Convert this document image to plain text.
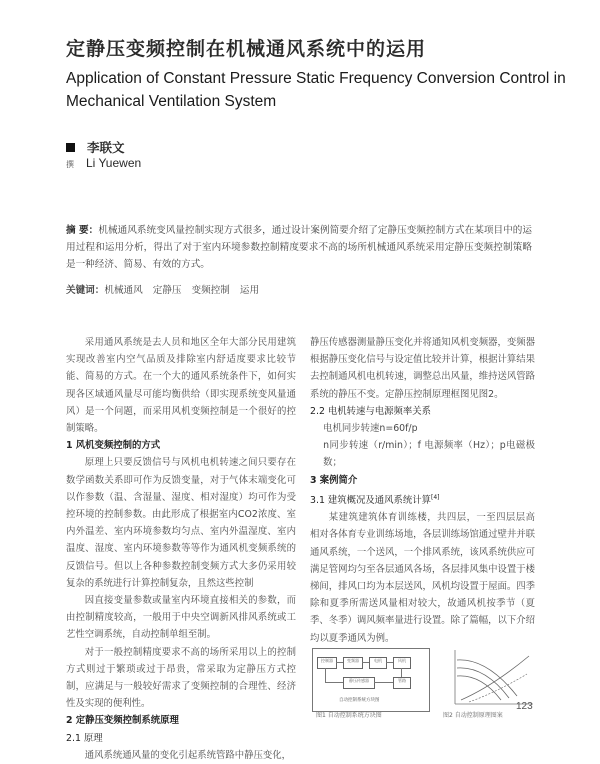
定静压变频控制在机械通风系统中的运用
Application of Constant Pressure Static Frequency Conversion Control in Mechanical Ventilation System
李联文
撰 Li Yuewen
摘 要：机械通风系统变风量控制实现方式很多，通过设计案例简要介绍了定静压变频控制方式在某项目中的运用过程和运用分析，得出了对于室内环境参数控制精度要求不高的场所机械通风系统采用定静压变频控制策略是一种经济、简易、有效的方式。
关键词：机械通风 定静压 变频控制 运用

采用通风系统是去人员和地区全年大部分民用建筑实现改善室内空气品质及排除室内舒适度要求比较节能、简易的方式。在一个大的通风系统条件下，如何实现各区域通风量尽可能均衡供给（即实现系统变风量通风）是一个问题，而采用风机变频控制是一个很好的控制策略。

1 风机变频控制的方式

原理上只要反馈信号与风机电机转速之间只要存在数学函数关系即可作为反馈变量，对于气体末端变化可以作参数（温、含湿量、湿度、相对湿度）均可作为受控环境的控制参数。由此形成了根据室内CO2浓度、室内外温差、室内环境参数均匀点、室内外温湿度、室内温度、湿度、室内环境参数等等作为通风机变频系统的反馈信号。但以上各种参数控制变频方式大多仍采用较复杂的系统进行计算控制复杂，且然这些控制

因直接变量参数或量室内环境直接相关的参数，而由控制精度较高，一般用于中央空调新风排风系统或工艺性空调系统，自动控制单组至制。

对于一般控制精度要求不高的场所采用以上的控制方式则过于繁琐或过于昂贵，常采取为定静压方式控制，应满足与一般较好需求了变频控制的合理性、经济性及实现的便利性。

2 定静压变频控制系统原理

2.1 原理

通风系统通风量的变化引起系统管路中静压变化，

静压传感器测量静压变化并将通知风机变频器，变频器根据静压变化信号与设定值比较并计算，根据计算结果去控制通风机电机转速，调整总出风量，维持送风管路系统的静压不变。定静压控制原理框图见图2。

2.2 电机转速与电源频率关系

电机同步转速n=60f/p

n同步转速（r/min）；f 电源频率（Hz）；p电磁极数；

3 案例简介

3.1 建筑概况及通风系统计算[4]

某建筑建筑体育训练楼，共四层，一至四层层高相对各体育专业训练场地，各层训练场馆通过壁井并联通风系统，一个送风，一个排风系统，该风系统供应可满足管网均匀至各层通风各场，各层排风集中设置于楼梯间，排风口均为本层送风，风机均设置于屋面。四季除和夏季所需送风量相对较大，故通风机按季节（夏季、冬季）调风频率量进行设置。除了篇幅，以下介绍均以夏季通风为例。

控制器	变频器	电机	风机
管路
静压传感器
自动控制系统方块图
图1 自动控制系统方块图	图2 自动控制原理图案
123
